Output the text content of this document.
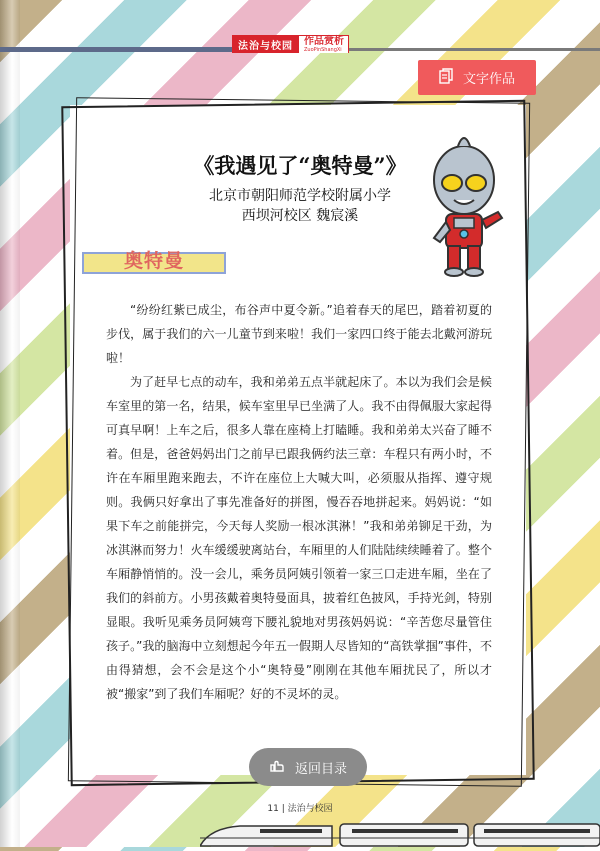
法治与校园	作品赏析
ZuoPinShangXi
文字作品
《我遇见了“奥特曼”》
北京市朝阳师范学校附属小学
西坝河校区 魏宸溪
奥特曼

“纷纷红紫已成尘，布谷声中夏令新。”追着春天的尾巴，踏着初夏的步伐，属于我们的六一儿童节到来啦！我们一家四口终于能去北戴河游玩啦！

为了赶早七点的动车，我和弟弟五点半就起床了。本以为我们会是候车室里的第一名，结果，候车室里早已坐满了人。我不由得佩服大家起得可真早啊！上车之后，很多人靠在座椅上打瞌睡。我和弟弟太兴奋了睡不着。但是，爸爸妈妈出门之前早已跟我俩约法三章：车程只有两小时，不许在车厢里跑来跑去，不许在座位上大喊大叫，必须服从指挥、遵守规则。我俩只好拿出了事先准备好的拼图，慢吞吞地拼起来。妈妈说：“如果下车之前能拼完，今天每人奖励一根冰淇淋！”我和弟弟铆足干劲，为冰淇淋而努力！火车缓缓驶离站台，车厢里的人们陆陆续续睡着了。整个车厢静悄悄的。没一会儿，乘务员阿姨引领着一家三口走进车厢，坐在了我们的斜前方。小男孩戴着奥特曼面具，披着红色披风，手持光剑，特别显眼。我听见乘务员阿姨弯下腰礼貌地对男孩妈妈说：“辛苦您尽量管住孩子。”我的脑海中立刻想起今年五一假期人尽皆知的“高铁掌掴”事件，不由得猜想，会不会是这个小“奥特曼”刚刚在其他车厢扰民了，所以才被“搬家”到了我们车厢呢？好的不灵坏的灵。

返回目录
11 | 法治与校园
